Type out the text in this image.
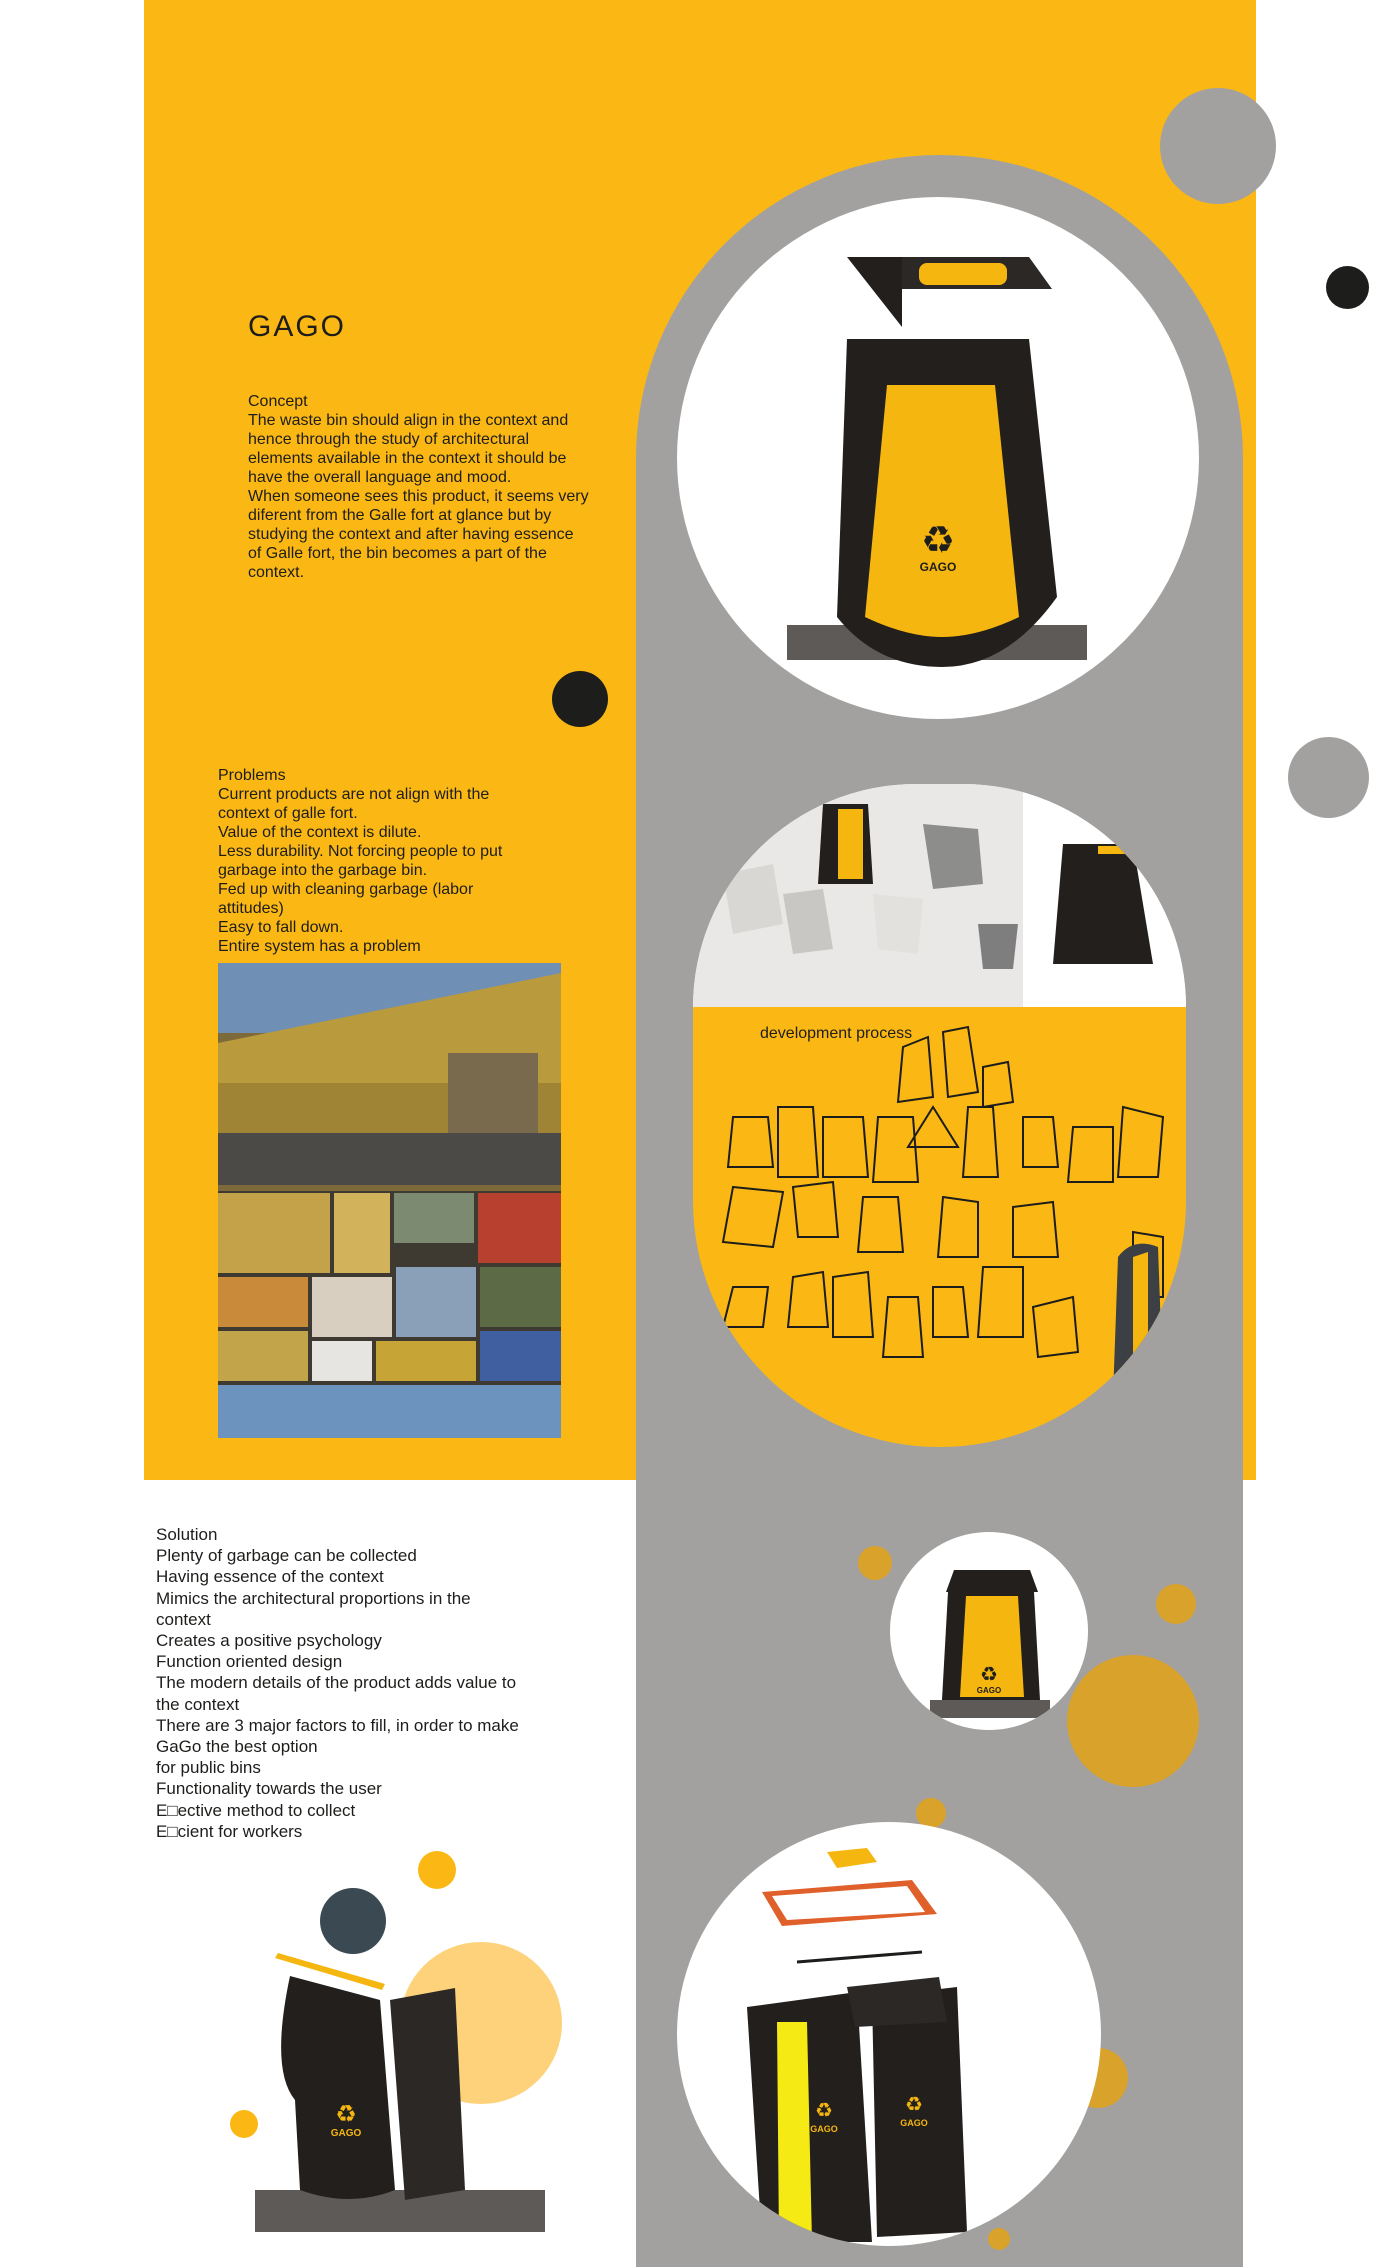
♻
GAGO
GAGO
Concept
The waste bin should align in the context and
hence through the study of architectural
elements available in the context it should be
have the overall language and mood.
When someone sees this product, it seems very
diferent from the Galle fort at glance but by
studying the context and after having essence
of Galle fort, the bin becomes a part of the
context.
Problems
Current products are not align with the
context of galle fort.
Value of the context is dilute.
Less durability. Not forcing people to put
garbage into the garbage bin.
Fed up with cleaning garbage (labor
attitudes)
Easy to fall down.
Entire system has a problem
development process
Solution
Plenty of garbage can be collected
Having essence of the context
Mimics the architectural proportions in the
context
Creates a positive psychology
Function oriented design
The modern details of the product adds value to
the context
There are 3 major factors to fill, in order to make
GaGo the best option
for public bins
Functionality towards the user
E□ective method to collect
E□cient for workers
♻
GAGO
♻
GAGO
♻
GAGO
♻
GAGO
